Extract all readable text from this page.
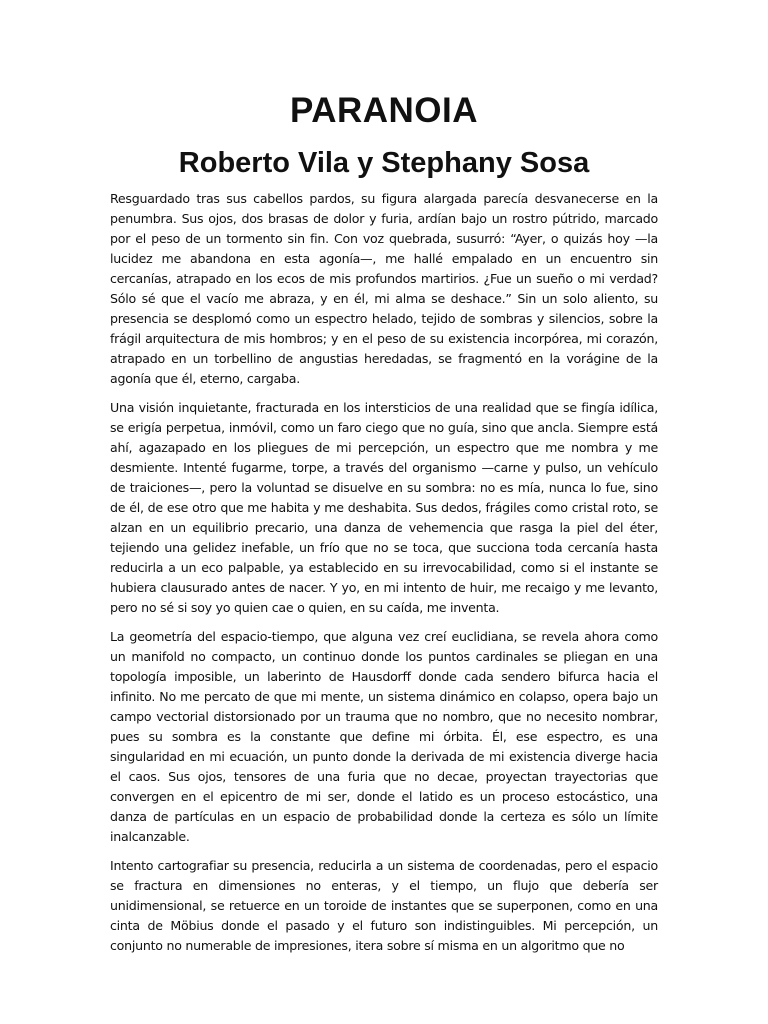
PARANOIA
Roberto Vila y Stephany Sosa

Resguardado tras sus cabellos pardos, su figura alargada parecía desvanecerse en la penumbra. Sus ojos, dos brasas de dolor y furia, ardían bajo un rostro pútrido, marcado por el peso de un tormento sin fin. Con voz quebrada, susurró: “Ayer, o quizás hoy —la lucidez me abandona en esta agonía—, me hallé empalado en un encuentro sin cercanías, atrapado en los ecos de mis profundos martirios. ¿Fue un sueño o mi verdad? Sólo sé que el vacío me abraza, y en él, mi alma se deshace.” Sin un solo aliento, su presencia se desplomó como un espectro helado, tejido de sombras y silencios, sobre la frágil arquitectura de mis hombros; y en el peso de su existencia incorpórea, mi corazón, atrapado en un torbellino de angustias heredadas, se fragmentó en la vorágine de la agonía que él, eterno, cargaba.

Una visión inquietante, fracturada en los intersticios de una realidad que se fingía idílica, se erigía perpetua, inmóvil, como un faro ciego que no guía, sino que ancla. Siempre está ahí, agazapado en los pliegues de mi percepción, un espectro que me nombra y me desmiente. Intenté fugarme, torpe, a través del organismo —carne y pulso, un vehículo de traiciones—, pero la voluntad se disuelve en su sombra: no es mía, nunca lo fue, sino de él, de ese otro que me habita y me deshabita. Sus dedos, frágiles como cristal roto, se alzan en un equilibrio precario, una danza de vehemencia que rasga la piel del éter, tejiendo una gelidez inefable, un frío que no se toca, que succiona toda cercanía hasta reducirla a un eco palpable, ya establecido en su irrevocabilidad, como si el instante se hubiera clausurado antes de nacer. Y yo, en mi intento de huir, me recaigo y me levanto, pero no sé si soy yo quien cae o quien, en su caída, me inventa.

La geometría del espacio-tiempo, que alguna vez creí euclidiana, se revela ahora como un manifold no compacto, un continuo donde los puntos cardinales se pliegan en una topología imposible, un laberinto de Hausdorff donde cada sendero bifurca hacia el infinito. No me percato de que mi mente, un sistema dinámico en colapso, opera bajo un campo vectorial distorsionado por un trauma que no nombro, que no necesito nombrar, pues su sombra es la constante que define mi órbita. Él, ese espectro, es una singularidad en mi ecuación, un punto donde la derivada de mi existencia diverge hacia el caos. Sus ojos, tensores de una furia que no decae, proyectan trayectorias que convergen en el epicentro de mi ser, donde el latido es un proceso estocástico, una danza de partículas en un espacio de probabilidad donde la certeza es sólo un límite inalcanzable.

Intento cartografiar su presencia, reducirla a un sistema de coordenadas, pero el espacio se fractura en dimensiones no enteras, y el tiempo, un flujo que debería ser unidimensional, se retuerce en un toroide de instantes que se superponen, como en una cinta de Möbius donde el pasado y el futuro son indistinguibles. Mi percepción, un conjunto no numerable de impresiones, itera sobre sí misma en un algoritmo que no
